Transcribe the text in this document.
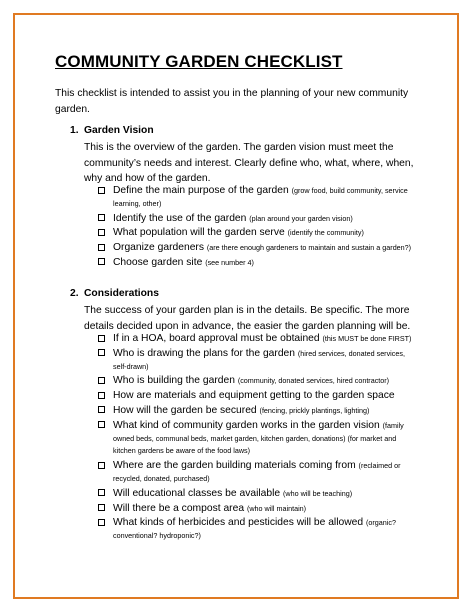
COMMUNITY GARDEN CHECKLIST
This checklist is intended to assist you in the planning of your new community garden.
1. Garden Vision
This is the overview of the garden. The garden vision must meet the community’s needs and interest. Clearly define who, what, where, when, why and how of the garden.
Define the main purpose of the garden (grow food, build community, service learning, other)
Identify the use of the garden (plan around your garden vision)
What population will the garden serve (identify the community)
Organize gardeners (are there enough gardeners to maintain and sustain a garden?)
Choose garden site (see number 4)
2. Considerations
The success of your garden plan is in the details. Be specific. The more details decided upon in advance, the easier the garden planning will be.
If in a HOA, board approval must be obtained (this MUST be done FIRST)
Who is drawing the plans for the garden (hired services, donated services, self-drawn)
Who is building the garden (community, donated services, hired contractor)
How are materials and equipment getting to the garden space
How will the garden be secured (fencing, prickly plantings, lighting)
What kind of community garden works in the garden vision (family owned beds, communal beds, market garden, kitchen garden, donations) (for market and kitchen gardens be aware of the food laws)
Where are the garden building materials coming from (reclaimed or recycled, donated, purchased)
Will educational classes be available (who will be teaching)
Will there be a compost area (who will maintain)
What kinds of herbicides and pesticides will be allowed (organic? conventional? hydroponic?)
